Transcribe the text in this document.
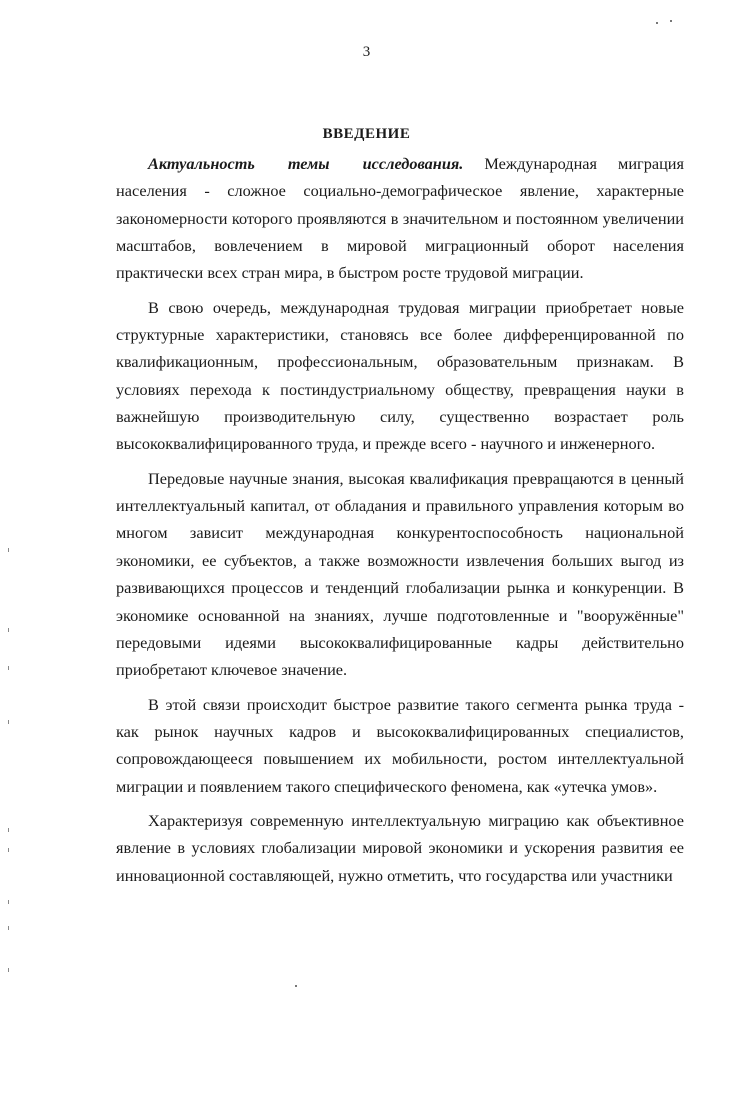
3
ВВЕДЕНИЕ

Актуальность темы исследования. Международная миграция населения - сложное социально-демографическое явление, характерные закономерности которого проявляются в значительном и постоянном увеличении масштабов, вовлечением в мировой миграционный оборот населения практически всех стран мира, в быстром росте трудовой миграции.

В свою очередь, международная трудовая миграции приобретает новые структурные характеристики, становясь все более дифференцированной по квалификационным, профессиональным, образовательным признакам. В условиях перехода к постиндустриальному обществу, превращения науки в важнейшую производительную силу, существенно возрастает роль высококвалифицированного труда, и прежде всего - научного и инженерного.

Передовые научные знания, высокая квалификация превращаются в ценный интеллектуальный капитал, от обладания и правильного управления которым во многом зависит международная конкурентоспособность национальной экономики, ее субъектов, а также возможности извлечения больших выгод из развивающихся процессов и тенденций глобализации рынка и конкуренции. В экономике основанной на знаниях, лучше подготовленные и "вооружённые" передовыми идеями высококвалифицированные кадры действительно приобретают ключевое значение.

В этой связи происходит быстрое развитие такого сегмента рынка труда - как рынок научных кадров и высококвалифицированных специалистов, сопровождающееся повышением их мобильности, ростом интеллектуальной миграции и появлением такого специфического феномена, как «утечка умов».

Характеризуя современную интеллектуальную миграцию как объективное явление в условиях глобализации мировой экономики и ускорения развития ее инновационной составляющей, нужно отметить, что государства или участники
